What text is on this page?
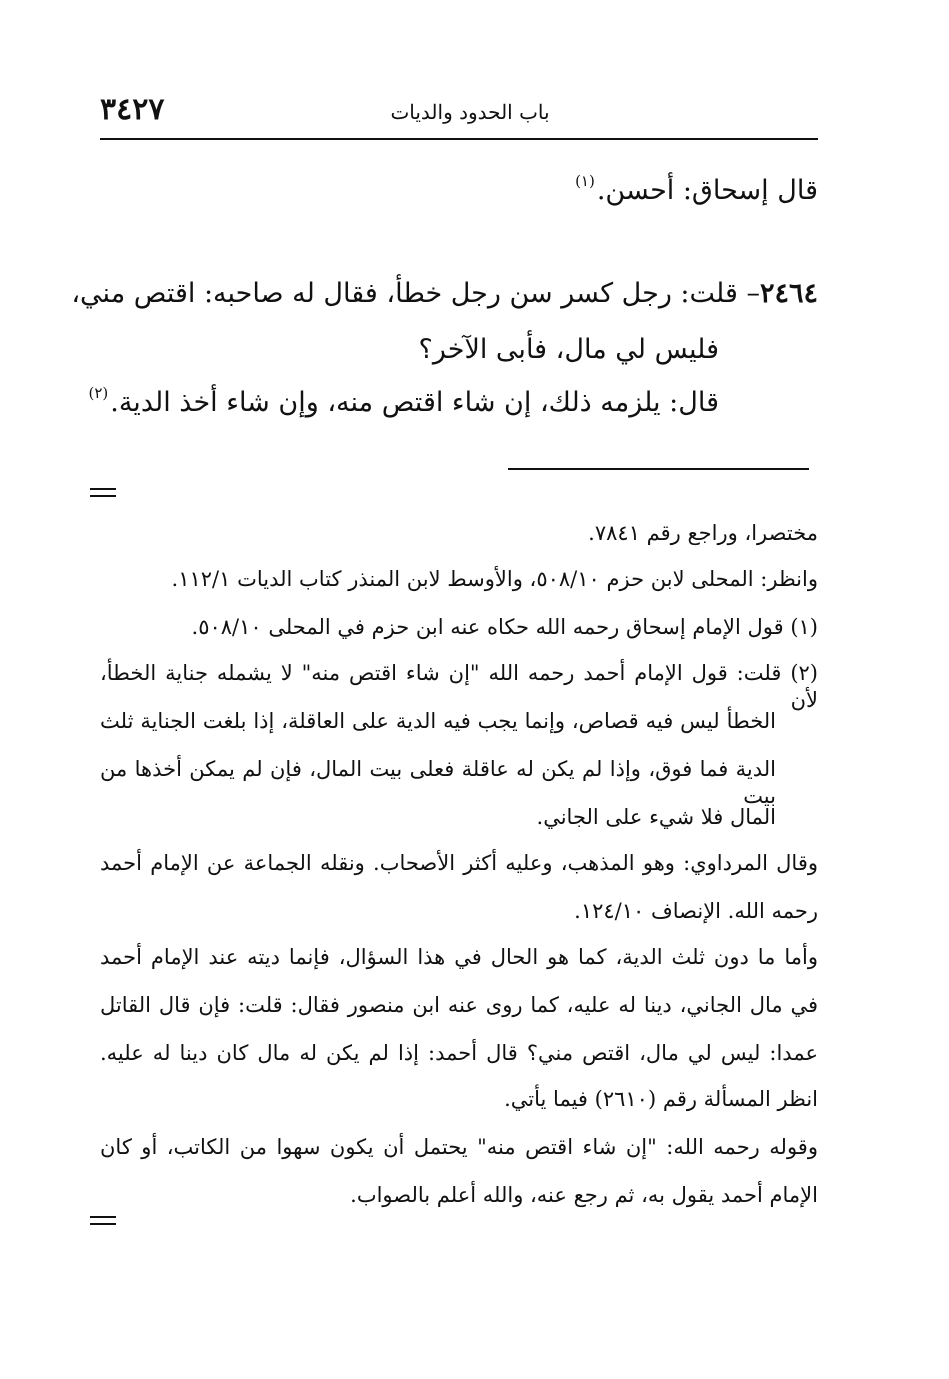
٣٤٢٧	باب الحدود والديات
قال إسحاق: أحسن.$^{(١)}$
٢٤٦٤– قلت: رجل كسر سن رجل خطأ، فقال له صاحبه: اقتص مني،
فليس لي مال، فأبى الآخر؟
قال: يلزمه ذلك، إن شاء اقتص منه، وإن شاء أخذ الدية.$^{(٢)}$
مختصرا، وراجع رقم ٧٨٤١.
وانظر: المحلى لابن حزم ٥٠٨/١٠، والأوسط لابن المنذر كتاب الديات ١١٢/١.
(١) قول الإمام إسحاق رحمه الله حكاه عنه ابن حزم في المحلى ٥٠٨/١٠.
(٢) قلت: قول الإمام أحمد رحمه الله "إن شاء اقتص منه" لا يشمله جناية الخطأ، لأن
الخطأ ليس فيه قصاص، وإنما يجب فيه الدية على العاقلة، إذا بلغت الجناية ثلث
الدية فما فوق، وإذا لم يكن له عاقلة فعلى بيت المال، فإن لم يمكن أخذها من بيت
المال فلا شيء على الجاني.
وقال المرداوي: وهو المذهب، وعليه أكثر الأصحاب. ونقله الجماعة عن الإمام أحمد
رحمه الله. الإنصاف ١٢٤/١٠.
وأما ما دون ثلث الدية، كما هو الحال في هذا السؤال، فإنما ديته عند الإمام أحمد
في مال الجاني، دينا له عليه، كما روى عنه ابن منصور فقال: قلت: فإن قال القاتل
عمدا: ليس لي مال، اقتص مني؟ قال أحمد: إذا لم يكن له مال كان دينا له عليه.
انظر المسألة رقم (٢٦١٠) فيما يأتي.
وقوله رحمه الله: "إن شاء اقتص منه" يحتمل أن يكون سهوا من الكاتب، أو كان
الإمام أحمد يقول به، ثم رجع عنه، والله أعلم بالصواب.
